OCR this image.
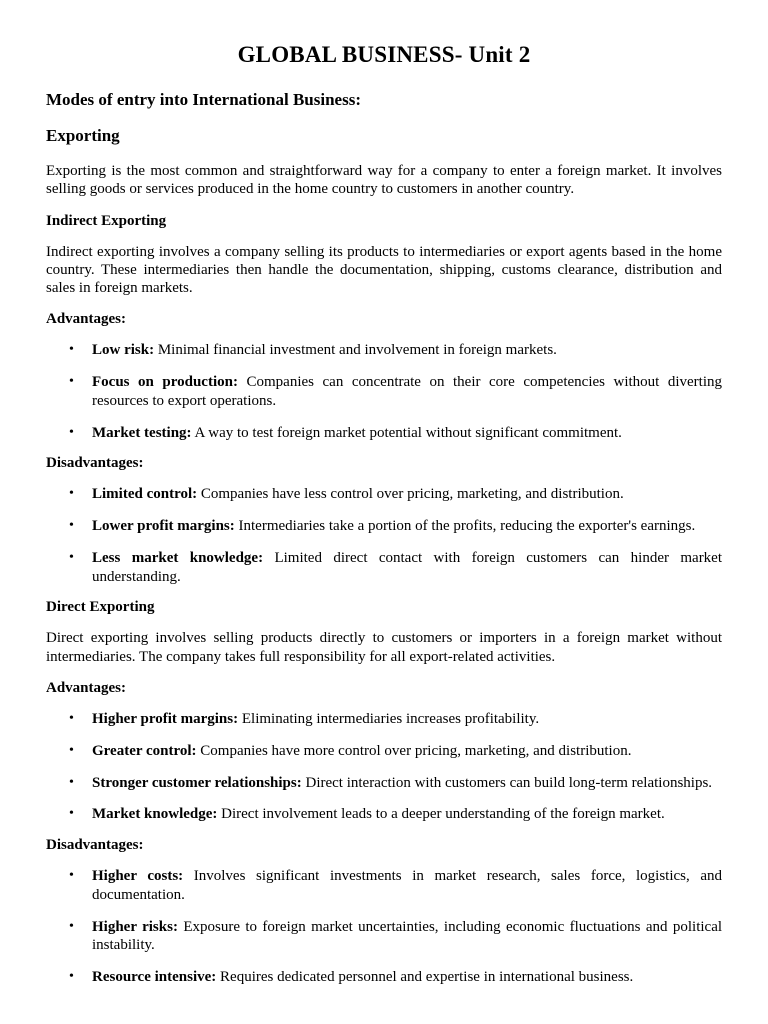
GLOBAL BUSINESS- Unit 2
Modes of entry into International Business:
Exporting

Exporting is the most common and straightforward way for a company to enter a foreign market. It involves selling goods or services produced in the home country to customers in another country.

Indirect Exporting

Indirect exporting involves a company selling its products to intermediaries or export agents based in the home country. These intermediaries then handle the documentation, shipping, customs clearance, distribution and sales in foreign markets.

Advantages:
• Low risk: Minimal financial investment and involvement in foreign markets.
• Focus on production: Companies can concentrate on their core competencies without diverting resources to export operations.
• Market testing: A way to test foreign market potential without significant commitment.
Disadvantages:
• Limited control: Companies have less control over pricing, marketing, and distribution.
• Lower profit margins: Intermediaries take a portion of the profits, reducing the exporter's earnings.
• Less market knowledge: Limited direct contact with foreign customers can hinder market understanding.
Direct Exporting

Direct exporting involves selling products directly to customers or importers in a foreign market without intermediaries. The company takes full responsibility for all export-related activities.

Advantages:
• Higher profit margins: Eliminating intermediaries increases profitability.
• Greater control: Companies have more control over pricing, marketing, and distribution.
• Stronger customer relationships: Direct interaction with customers can build long-term relationships.
• Market knowledge: Direct involvement leads to a deeper understanding of the foreign market.
Disadvantages:
• Higher costs: Involves significant investments in market research, sales force, logistics, and documentation.
• Higher risks: Exposure to foreign market uncertainties, including economic fluctuations and political instability.
• Resource intensive: Requires dedicated personnel and expertise in international business.
